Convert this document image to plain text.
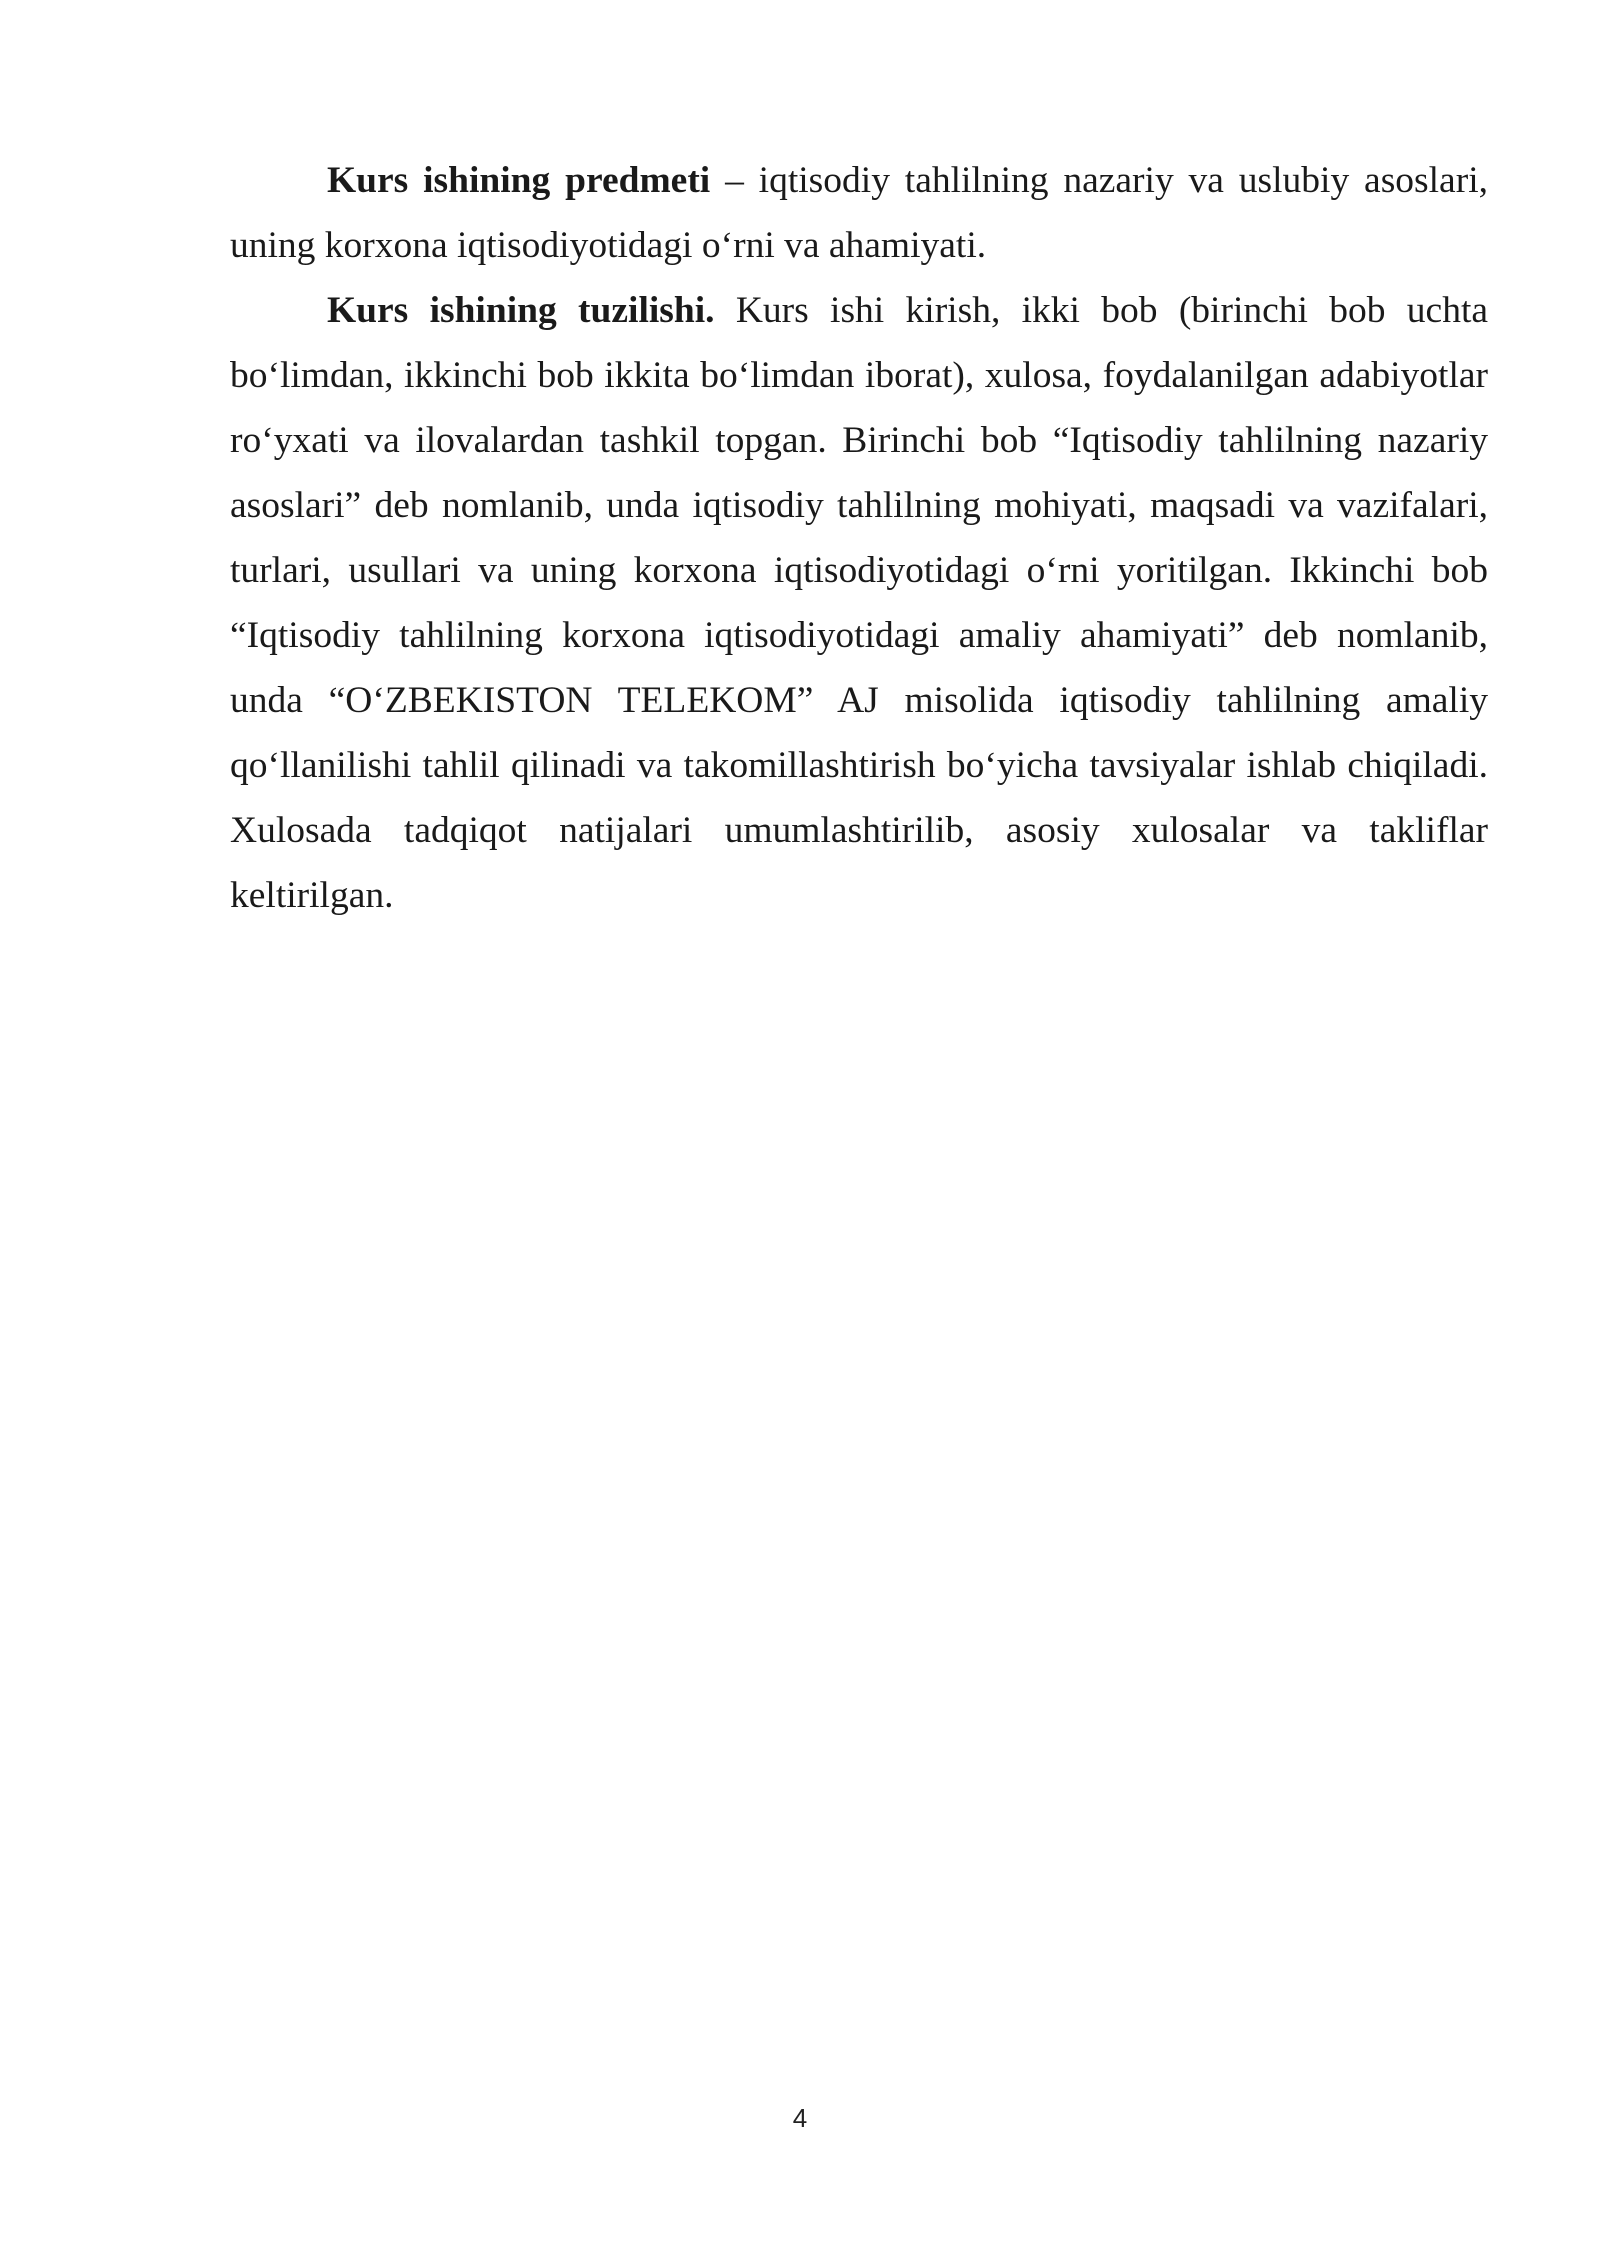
Kurs ishining predmeti – iqtisodiy tahlilning nazariy va uslubiy asoslari, uning korxona iqtisodiyotidagi o‘rni va ahamiyati.

Kurs ishining tuzilishi. Kurs ishi kirish, ikki bob (birinchi bob uchta bo‘limdan, ikkinchi bob ikkita bo‘limdan iborat), xulosa, foydalanilgan adabiyotlar ro‘yxati va ilovalardan tashkil topgan. Birinchi bob “Iqtisodiy tahlilning nazariy asoslari” deb nomlanib, unda iqtisodiy tahlilning mohiyati, maqsadi va vazifalari, turlari, usullari va uning korxona iqtisodiyotidagi o‘rni yoritilgan. Ikkinchi bob “Iqtisodiy tahlilning korxona iqtisodiyotidagi amaliy ahamiyati” deb nomlanib, unda “O‘ZBEKISTON TELEKOM” AJ misolida iqtisodiy tahlilning amaliy qo‘llanilishi tahlil qilinadi va takomillashtirish bo‘yicha tavsiyalar ishlab chiqiladi. Xulosada tadqiqot natijalari umumlashtirilib, asosiy xulosalar va takliflar keltirilgan.

4
